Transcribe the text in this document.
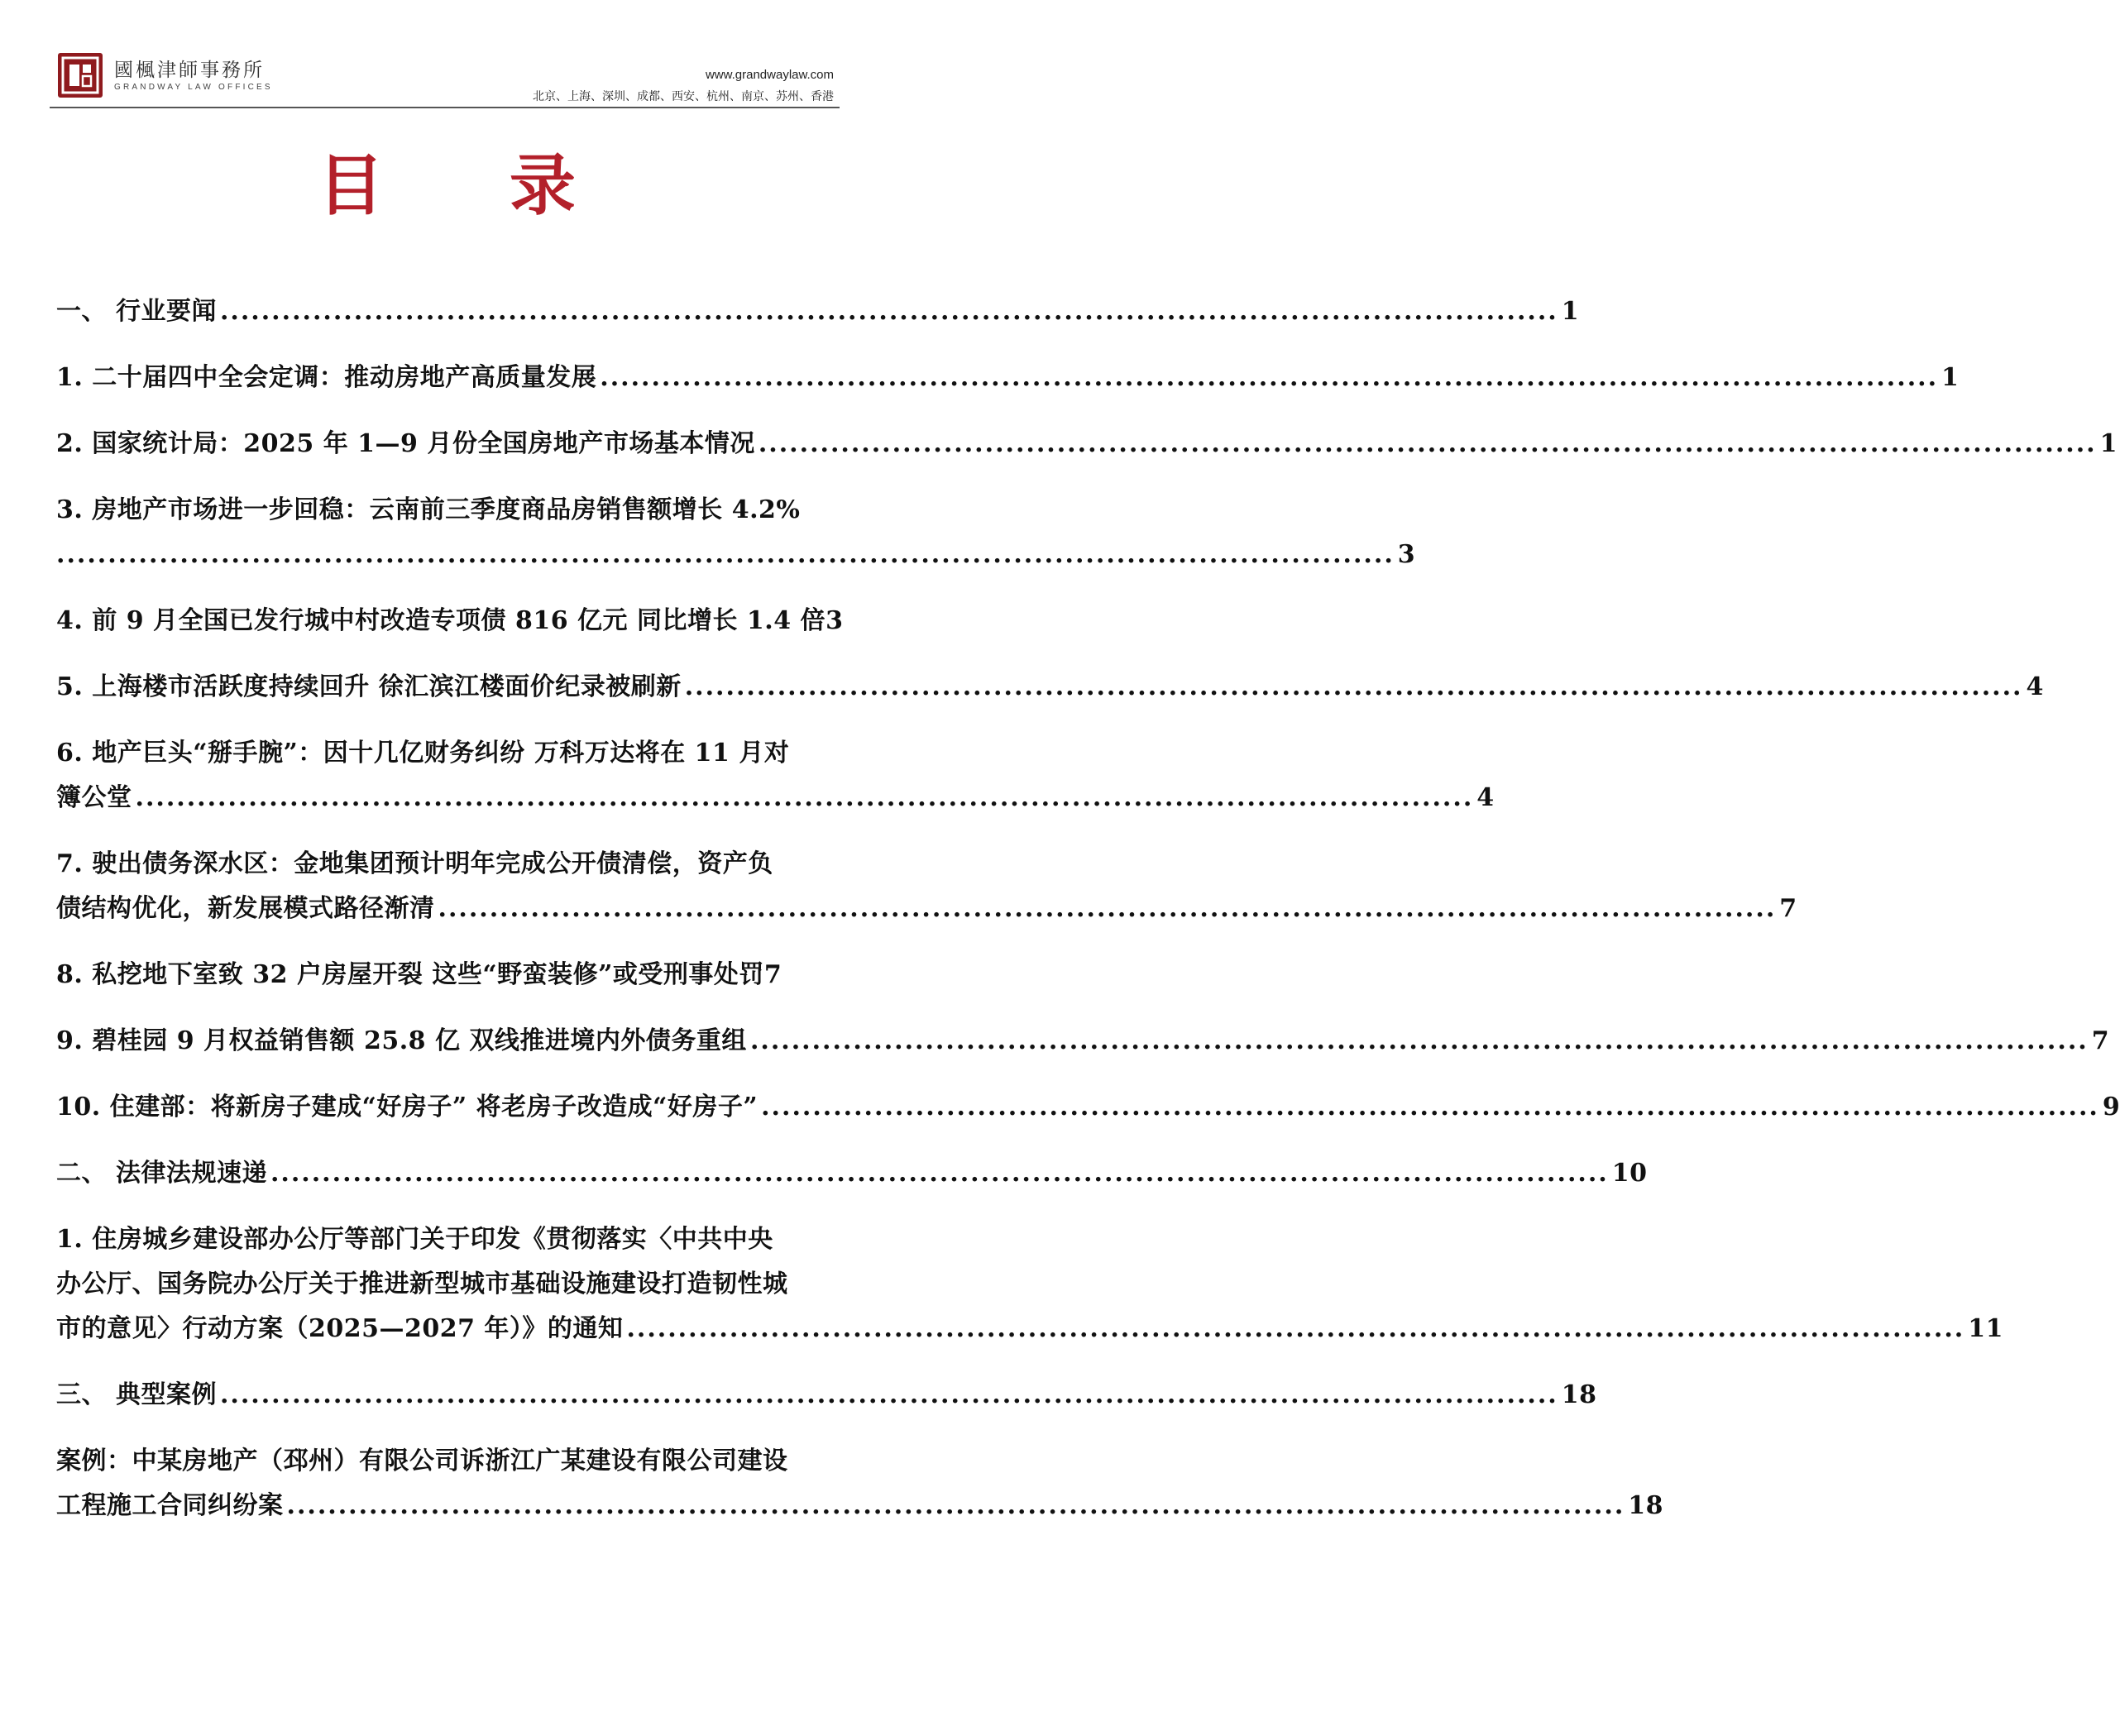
國楓津師事務所
GRANDWAY LAW OFFICES
www.grandwaylaw.com
北京、上海、深圳、成都、西安、杭州、南京、苏州、香港
目 录
一、 行业要闻 .................................................................................................................................. 1
1. 二十届四中全会定调：推动房地产高质量发展 .................................................................................................................................. 1
2. 国家统计局：2025 年 1—9 月份全国房地产市场基本情况 .................................................................................................................................. 1
3. 房地产市场进一步回稳：云南前三季度商品房销售额增长 4.2%
.................................................................................................................................. 3
4. 前 9 月全国已发行城中村改造专项债 816 亿元 同比增长 1.4 倍 3
5. 上海楼市活跃度持续回升 徐汇滨江楼面价纪录被刷新 .................................................................................................................................. 4
6. 地产巨头“掰手腕”：因十几亿财务纠纷 万科万达将在 11 月对
簿公堂 .................................................................................................................................. 4
7. 驶出债务深水区：金地集团预计明年完成公开债清偿，资产负
债结构优化，新发展模式路径渐清 .................................................................................................................................. 7
8. 私挖地下室致 32 户房屋开裂 这些“野蛮装修”或受刑事处罚 7
9. 碧桂园 9 月权益销售额 25.8 亿 双线推进境内外债务重组 .................................................................................................................................. 7
10. 住建部：将新房子建成“好房子” 将老房子改造成“好房子” .................................................................................................................................. 9
二、 法律法规速递 .................................................................................................................................. 10
1. 住房城乡建设部办公厅等部门关于印发《贯彻落实〈中共中央
办公厅、国务院办公厅关于推进新型城市基础设施建设打造韧性城
市的意见〉行动方案（2025—2027 年）》的通知 .................................................................................................................................. 11
三、 典型案例 .................................................................................................................................. 18
案例：中某房地产（邳州）有限公司诉浙江广某建设有限公司建设
工程施工合同纠纷案 .................................................................................................................................. 18
